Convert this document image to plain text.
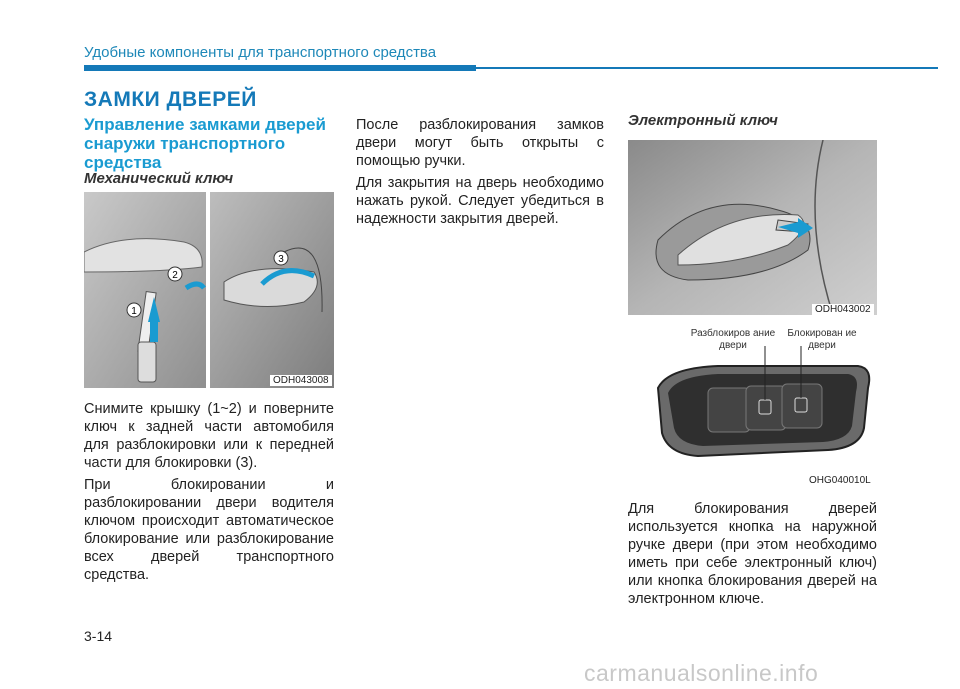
Удобные компоненты для транспортного средства
ЗАМКИ ДВЕРЕЙ
Управление замками дверей снаружи транспортного средства
Механический ключ
1
2
3
ODH043008

Снимите крышку (1~2) и поверните ключ к задней части автомобиля для разблокировки или к передней части для блокировки (3).

При блокировании и разблокировании двери водителя ключом происходит автоматическое блокирование или разблокирование всех дверей транспортного средства.

После разблокирования замков двери могут быть открыты с помощью ручки.

Для закрытия на дверь необходимо нажать рукой. Следует убедиться в надежности закрытия дверей.

Электронный ключ
ODH043002
Разблокиров ание двери
Блокирован ие двери
OHG040010L

Для блокирования дверей используется кнопка на наружной ручке двери (при этом необходимо иметь при себе электронный ключ) или кнопка блокирования дверей на электронном ключе.

3-14
carmanualsonline.info
